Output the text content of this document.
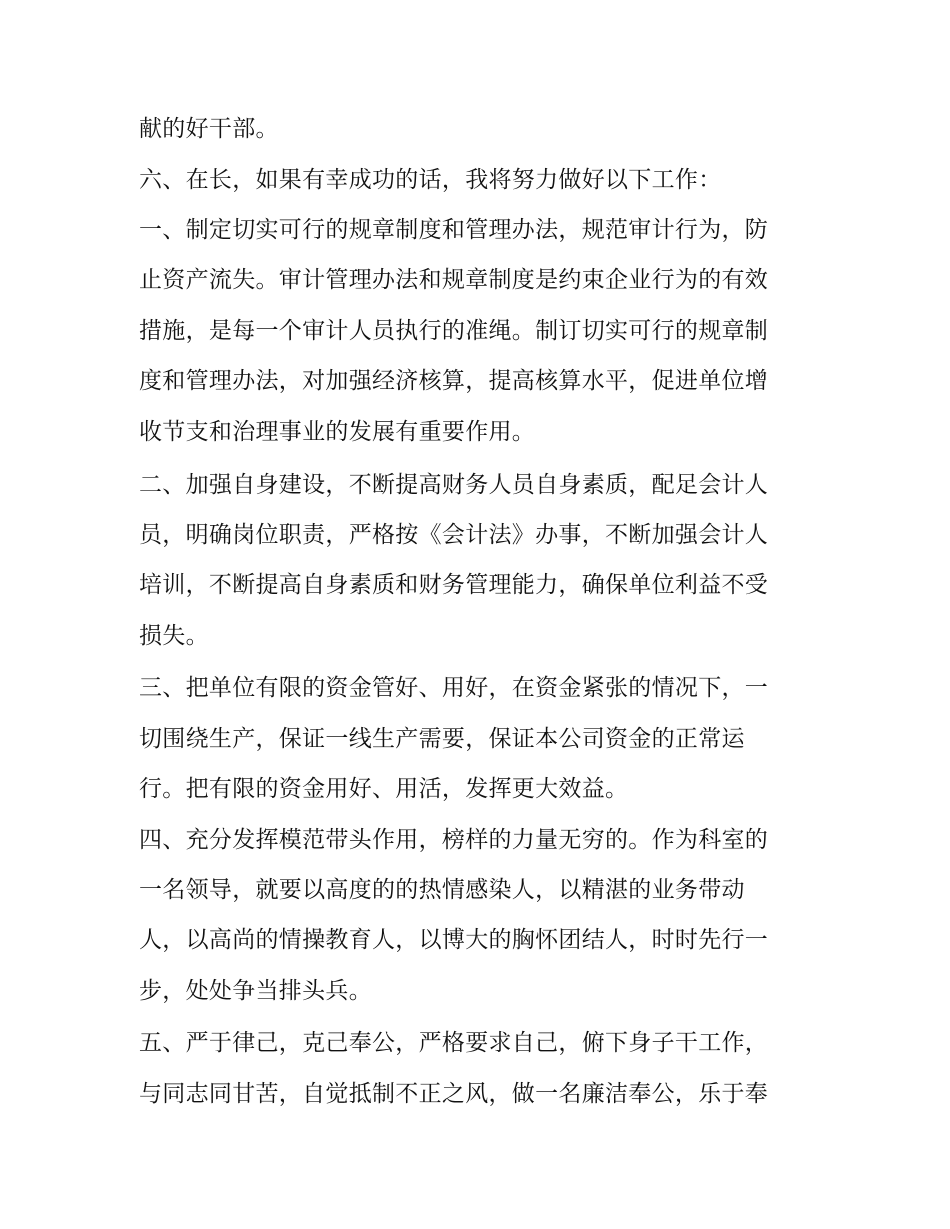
献的好干部。

六、在长，如果有幸成功的话，我将努力做好以下工作：

一、制定切实可行的规章制度和管理办法，规范审计行为，防

止资产流失。审计管理办法和规章制度是约束企业行为的有效

措施，是每一个审计人员执行的准绳。制订切实可行的规章制

度和管理办法，对加强经济核算，提高核算水平，促进单位增

收节支和治理事业的发展有重要作用。

二、加强自身建设，不断提高财务人员自身素质，配足会计人

员，明确岗位职责，严格按《会计法》办事，不断加强会计人

培训，不断提高自身素质和财务管理能力，确保单位利益不受

损失。

三、把单位有限的资金管好、用好，在资金紧张的情况下，一

切围绕生产，保证一线生产需要，保证本公司资金的正常运

行。把有限的资金用好、用活，发挥更大效益。

四、充分发挥模范带头作用，榜样的力量无穷的。作为科室的

一名领导，就要以高度的的热情感染人，以精湛的业务带动

人，以高尚的情操教育人，以博大的胸怀团结人，时时先行一

步，处处争当排头兵。

五、严于律己，克己奉公，严格要求自己，俯下身子干工作，

与同志同甘苦，自觉抵制不正之风，做一名廉洁奉公，乐于奉
